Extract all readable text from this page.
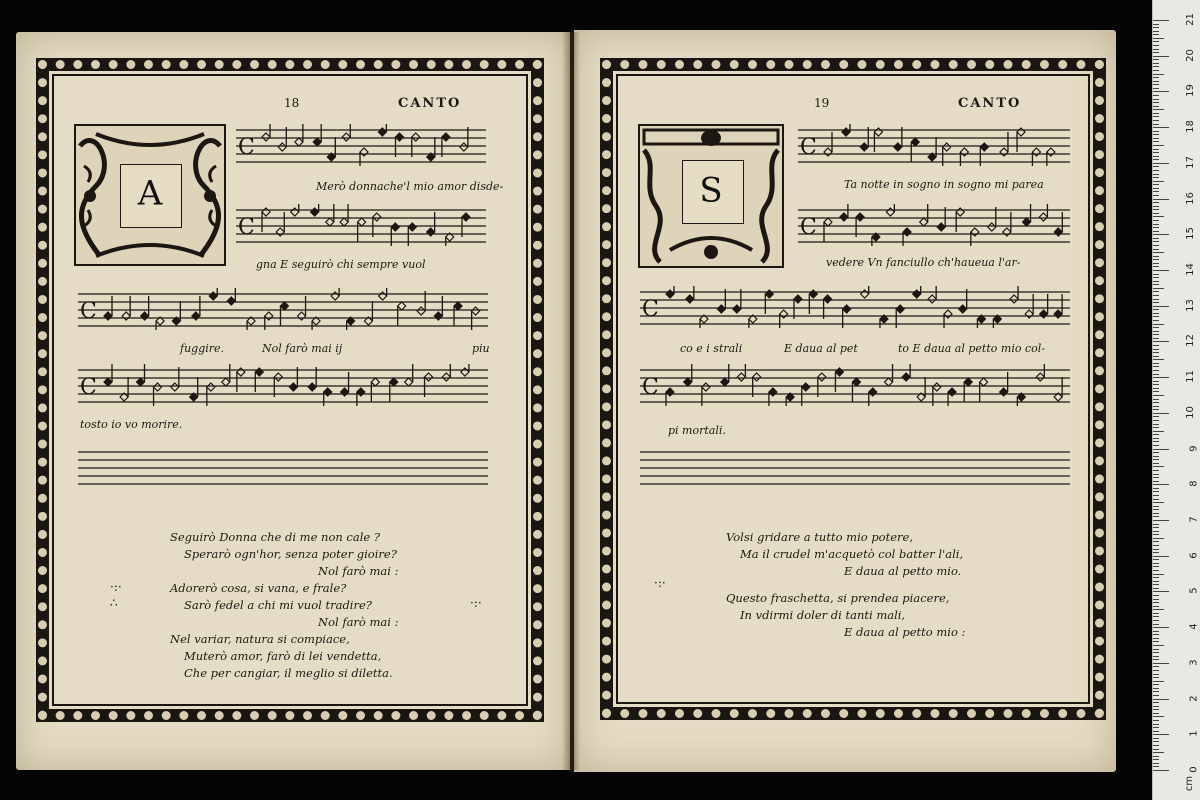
18	CANTO
A
C
C
C
C
Merò donnache'l mio amor disde-
gna E seguirò chi sempre vuol
fuggire.	Nol farò mai ij	piu
tosto io vo morire.
Seguirò Donna che di me non cale ?
Sperarò ogn'hor, senza poter gioire?
Nol farò mai :
Adorerò cosa, si vana, e frale?
Sarò fedel a chi mi vuol tradire?
Nol farò mai :
Nel variar, natura si compiace,
Muterò amor, farò di lei vendetta,
Che per cangiar, il meglio si diletta.
19	CANTO
S
C
C
C
C
Ta notte in sogno in sogno mi parea
vedere Vn fanciullo ch'haueua l'ar-
co e i strali	E daua al pet	to E daua al petto mio col-
pi mortali.
Volsi gridare a tutto mio potere,
Ma il crudel m'acquetò col batter l'ali,
E daua al petto mio.
Questo fraschetta, si prendea piacere,
In vdirmi doler di tanti mali,
E daua al petto mio :
·:·
∴	·:·
·:·
0
1
2
3
4
5
6
7
8
9
10
11
12
13
14
15
16
17
18
19
20
21
cm
